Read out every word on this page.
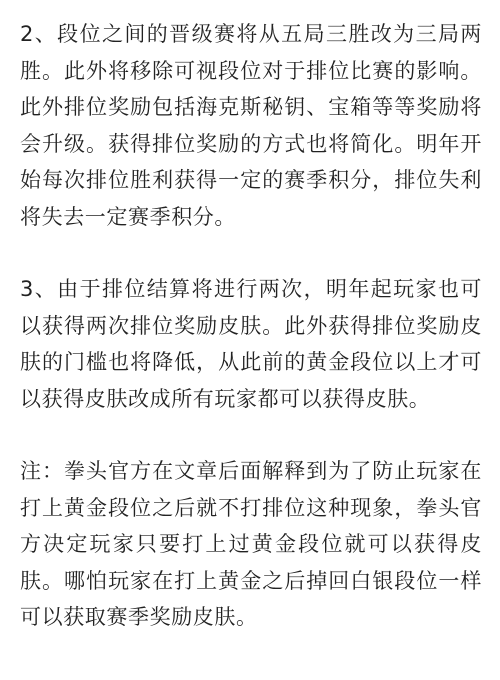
2、段位之间的晋级赛将从五局三胜改为三局两胜。此外将移除可视段位对于排位比赛的影响。此外排位奖励包括海克斯秘钥、宝箱等等奖励将会升级。获得排位奖励的方式也将简化。明年开始每次排位胜利获得一定的赛季积分，排位失利将失去一定赛季积分。

3、由于排位结算将进行两次，明年起玩家也可以获得两次排位奖励皮肤。此外获得排位奖励皮肤的门槛也将降低，从此前的黄金段位以上才可以获得皮肤改成所有玩家都可以获得皮肤。

注：拳头官方在文章后面解释到为了防止玩家在打上黄金段位之后就不打排位这种现象，拳头官方决定玩家只要打上过黄金段位就可以获得皮肤。哪怕玩家在打上黄金之后掉回白银段位一样可以获取赛季奖励皮肤。
